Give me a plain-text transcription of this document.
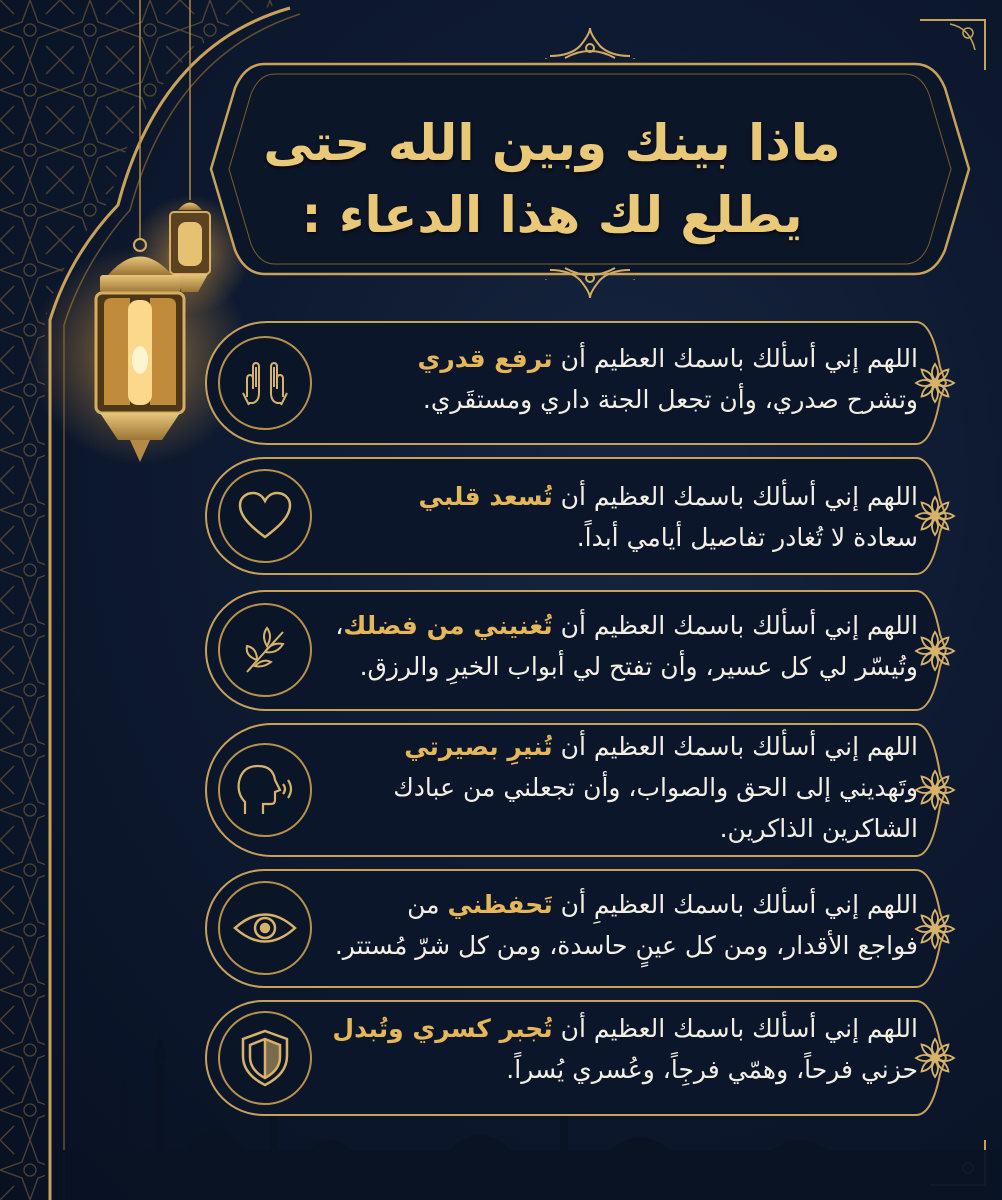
ماذا بينك وبين الله حتى
يطلع لك هذا الدعاء :
اللهم إني أسألك باسمك العظيم أن ترفع قدري
وتشرح صدري، وأن تجعل الجنة داري ومستقَري.
اللهم إني أسألك باسمك العظيم أن تُسعد قلبي
سعادة لا تُغادر تفاصيل أيامي أبداً.
اللهم إني أسألك باسمك العظيم أن تُغنيني من فضلك،
وتُيسّر لي كل عسير، وأن تفتح لي أبواب الخيرِ والرزق.
اللهم إني أسألك باسمك العظيم أن تُنيرِ بصيرتي
وتَهديني إلى الحق والصواب، وأن تجعلني من عبادك
الشاكرين الذاكرين.
اللهم إني أسألك باسمك العظيمِ أن تَحفظني من
فواجع الأقدار، ومن كل عينٍ حاسدة، ومن كل شرّ مُستتر.
اللهم إني أسألك باسمك العظيم أن تُجبر كسري وتُبدل
حزني فرحاً، وهمّي فرجِاً، وعُسري يُسراً.
